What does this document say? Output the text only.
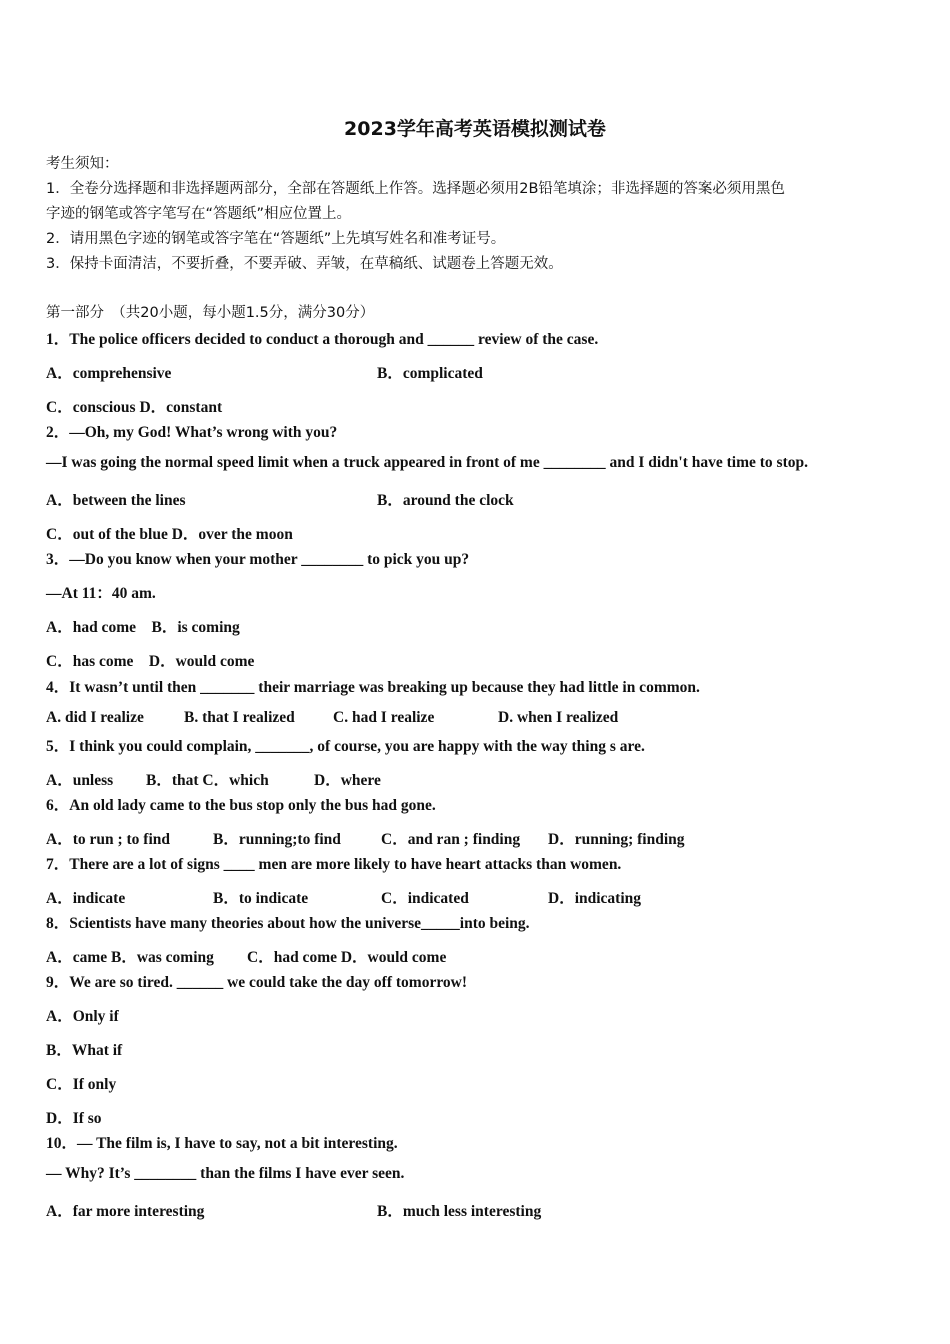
2023学年高考英语模拟测试卷
考生须知：
1．全卷分选择题和非选择题两部分，全部在答题纸上作答。选择题必须用2B铅笔填涂；非选择题的答案必须用黑色
字迹的钢笔或答字笔写在“答题纸”相应位置上。
2．请用黑色字迹的钢笔或答字笔在“答题纸”上先填写姓名和准考证号。
3．保持卡面清洁，不要折叠，不要弄破、弄皱，在草稿纸、试题卷上答题无效。
第一部分　（共20小题，每小题1.5分，满分30分）
1．The police officers decided to conduct a thorough and ______ review of the case.
A．comprehensive	B．complicated
C．conscious D．constant
2．—Oh, my God! What’s wrong with you?
—I was going the normal speed limit when a truck appeared in front of me ________ and I didn't have time to stop.
A．between the lines	B．around the clock
C．out of the blue D．over the moon
3．—Do you know when your mother ________ to pick you up?
—At 11：40 am.
A．had come　B．is coming
C．has come　D．would come
4．It wasn’t until then _______ their marriage was breaking up because they had little in common.
A. did I realize	B. that I realized C. had I realize	D. when I realized
5．I think you could complain, _______, of course, you are happy with the way thing s are.
A．unless B．that C．which	D．where
6．An old lady came to the bus stop only the bus had gone.
A．to run ; to find	B．running;to find	C．and ran ; finding D．running; finding
7．There are a lot of signs ____ men are more likely to have heart attacks than women.
A．indicate	B．to indicate	C．indicated	D．indicating
8．Scientists have many theories about how the universe_____into being.
A．came B．was coming C．had come D．would come
9．We are so tired. ______ we could take the day off tomorrow!
A．Only if
B．What if
C．If only
D．If so
10．— The film is, I have to say, not a bit interesting.
— Why? It’s ________ than the films I have ever seen.
A．far more interesting	B．much less interesting
